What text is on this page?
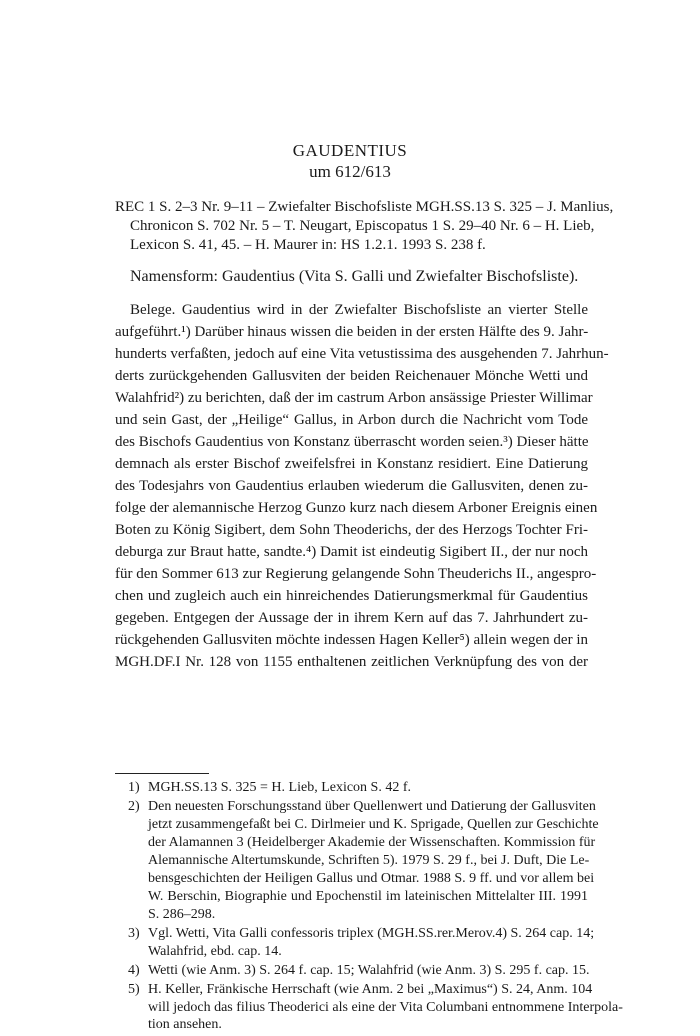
GAUDENTIUS
um 612/613
REC 1 S. 2–3 Nr. 9–11 – Zwiefalter Bischofsliste MGH.SS.13 S. 325 – J. Manlius,
Chronicon S. 702 Nr. 5 – T. Neugart, Episcopatus 1 S. 29–40 Nr. 6 – H. Lieb,
Lexicon S. 41, 45. – H. Maurer in: HS 1.2.1. 1993 S. 238 f.
Namensform: Gaudentius (Vita S. Galli und Zwiefalter Bischofsliste).
Belege. Gaudentius wird in der Zwiefalter Bischofsliste an vierter Stelle
aufgeführt.¹) Darüber hinaus wissen die beiden in der ersten Hälfte des 9. Jahr-
hunderts verfaßten, jedoch auf eine Vita vetustissima des ausgehenden 7. Jahrhun-
derts zurückgehenden Gallusviten der beiden Reichenauer Mönche Wetti und
Walahfrid²) zu berichten, daß der im castrum Arbon ansässige Priester Willimar
und sein Gast, der „Heilige“ Gallus, in Arbon durch die Nachricht vom Tode
des Bischofs Gaudentius von Konstanz überrascht worden seien.³) Dieser hätte
demnach als erster Bischof zweifelsfrei in Konstanz residiert. Eine Datierung
des Todesjahrs von Gaudentius erlauben wiederum die Gallusviten, denen zu-
folge der alemannische Herzog Gunzo kurz nach diesem Arboner Ereignis einen
Boten zu König Sigibert, dem Sohn Theoderichs, der des Herzogs Tochter Fri-
deburga zur Braut hatte, sandte.⁴) Damit ist eindeutig Sigibert II., der nur noch
für den Sommer 613 zur Regierung gelangende Sohn Theuderichs II., angespro-
chen und zugleich auch ein hinreichendes Datierungsmerkmal für Gaudentius
gegeben. Entgegen der Aussage der in ihrem Kern auf das 7. Jahrhundert zu-
rückgehenden Gallusviten möchte indessen Hagen Keller⁵) allein wegen der in
MGH.DF.I Nr. 128 von 1155 enthaltenen zeitlichen Verknüpfung des von der
1) MGH.SS.13 S. 325 = H. Lieb, Lexicon S. 42 f.
2) Den neuesten Forschungsstand über Quellenwert und Datierung der Gallusviten
jetzt zusammengefaßt bei C. Dirlmeier und K. Sprigade, Quellen zur Geschichte
der Alamannen 3 (Heidelberger Akademie der Wissenschaften. Kommission für
Alemannische Altertumskunde, Schriften 5). 1979 S. 29 f., bei J. Duft, Die Le-
bensgeschichten der Heiligen Gallus und Otmar. 1988 S. 9 ff. und vor allem bei
W. Berschin, Biographie und Epochenstil im lateinischen Mittelalter III. 1991
S. 286–298.
3) Vgl. Wetti, Vita Galli confessoris triplex (MGH.SS.rer.Merov.4) S. 264 cap. 14;
Walahfrid, ebd. cap. 14.
4) Wetti (wie Anm. 3) S. 264 f. cap. 15; Walahfrid (wie Anm. 3) S. 295 f. cap. 15.
5) H. Keller, Fränkische Herrschaft (wie Anm. 2 bei „Maximus“) S. 24, Anm. 104
will jedoch das filius Theoderici als eine der Vita Columbani entnommene Interpola-
tion ansehen.
